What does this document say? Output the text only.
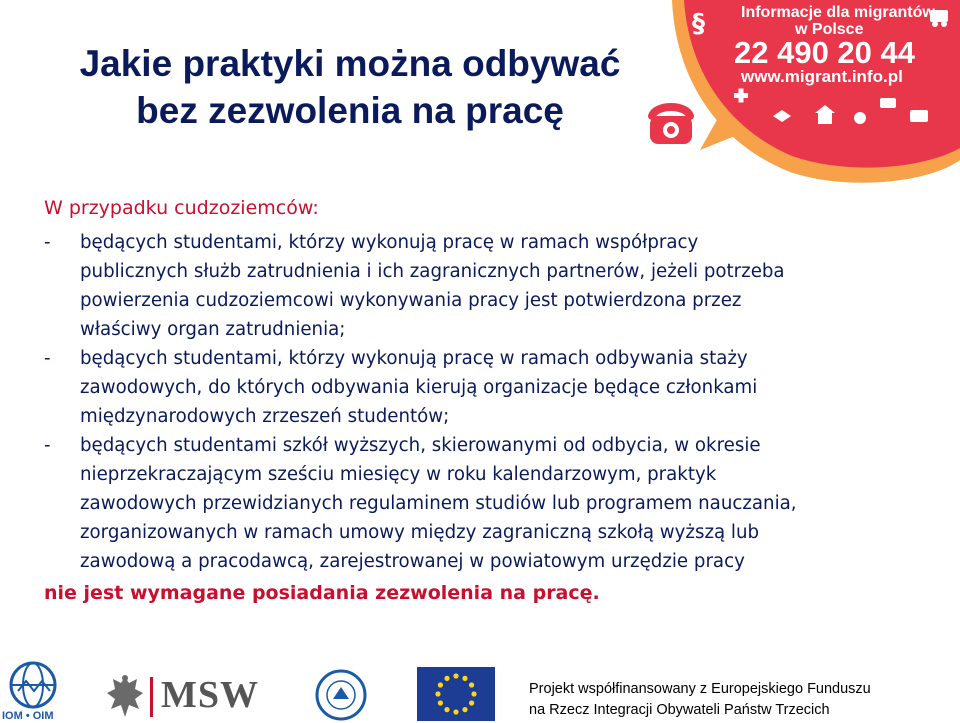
Jakie praktyki można odbywać
bez zezwolenia na pracę
§ Informacje dla migrantów
w Polsce
22 490 20 44
www.migrant.info.pl
W przypadku cudzoziemców:
- będących studentami, którzy wykonują pracę w ramach współpracy
publicznych służb zatrudnienia i ich zagranicznych partnerów, jeżeli potrzeba
powierzenia cudzoziemcowi wykonywania pracy jest potwierdzona przez
właściwy organ zatrudnienia;

- będących studentami, którzy wykonują pracę w ramach odbywania staży
zawodowych, do których odbywania kierują organizacje będące członkami
międzynarodowych zrzeszeń studentów;

- będących studentami szkół wyższych, skierowanymi od odbycia, w okresie
nieprzekraczającym sześciu miesięcy w roku kalendarzowym, praktyk
zawodowych przewidzianych regulaminem studiów lub programem nauczania,
zorganizowanych w ramach umowy między zagraniczną szkołą wyższą lub
zawodową a pracodawcą, zarejestrowanej w powiatowym urzędzie pracy

nie jest wymagane posiadania zezwolenia na pracę.
IOM • OIM	MSW	Projekt współfinansowany z Europejskiego Funduszu
na Rzecz Integracji Obywateli Państw Trzecich
